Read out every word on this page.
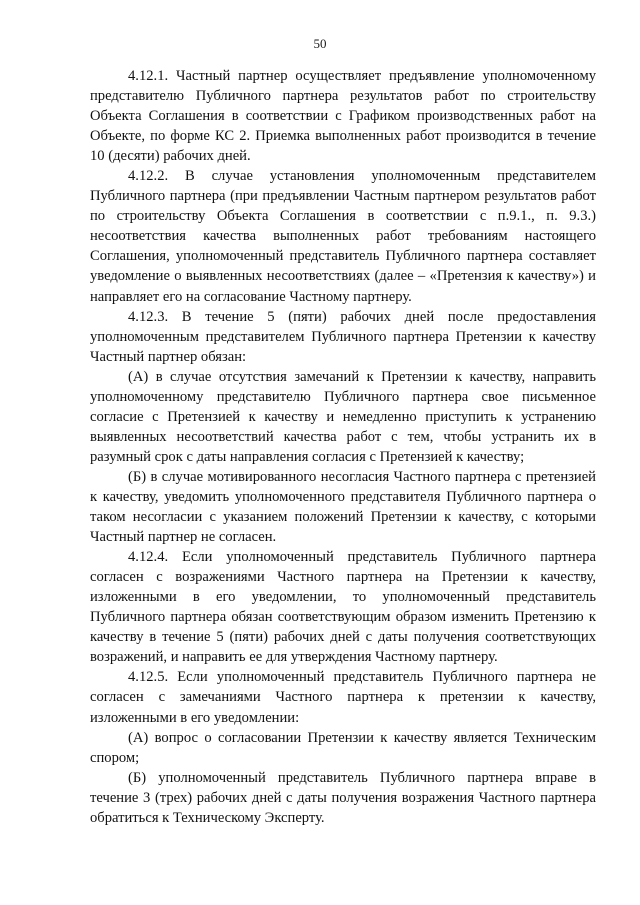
50

4.12.1. Частный партнер осуществляет предъявление уполномоченному представителю Публичного партнера результатов работ по строительству Объекта Соглашения в соответствии с Графиком производственных работ на Объекте, по форме КС 2. Приемка выполненных работ производится в течение 10 (десяти) рабочих дней.

4.12.2. В случае установления уполномоченным представителем Публичного партнера (при предъявлении Частным партнером результатов работ по строительству Объекта Соглашения в соответствии с п.9.1., п. 9.3.) несоответствия качества выполненных работ требованиям настоящего Соглашения, уполномоченный представитель Публичного партнера составляет уведомление о выявленных несоответствиях (далее – «Претензия к качеству») и направляет его на согласование Частному партнеру.

4.12.3. В течение 5 (пяти) рабочих дней после предоставления уполномоченным представителем Публичного партнера Претензии к качеству Частный партнер обязан:

(А) в случае отсутствия замечаний к Претензии к качеству, направить уполномоченному представителю Публичного партнера свое письменное согласие с Претензией к качеству и немедленно приступить к устранению выявленных несоответствий качества работ с тем, чтобы устранить их в разумный срок с даты направления согласия с Претензией к качеству;

(Б) в случае мотивированного несогласия Частного партнера с претензией к качеству, уведомить уполномоченного представителя Публичного партнера о таком несогласии с указанием положений Претензии к качеству, с которыми Частный партнер не согласен.

4.12.4. Если уполномоченный представитель Публичного партнера согласен с возражениями Частного партнера на Претензии к качеству, изложенными в его уведомлении, то уполномоченный представитель Публичного партнера обязан соответствующим образом изменить Претензию к качеству в течение 5 (пяти) рабочих дней с даты получения соответствующих возражений, и направить ее для утверждения Частному партнеру.

4.12.5. Если уполномоченный представитель Публичного партнера не согласен с замечаниями Частного партнера к претензии к качеству, изложенными в его уведомлении:

(А) вопрос о согласовании Претензии к качеству является Техническим спором;

(Б) уполномоченный представитель Публичного партнера вправе в течение 3 (трех) рабочих дней с даты получения возражения Частного партнера обратиться к Техническому Эксперту.
